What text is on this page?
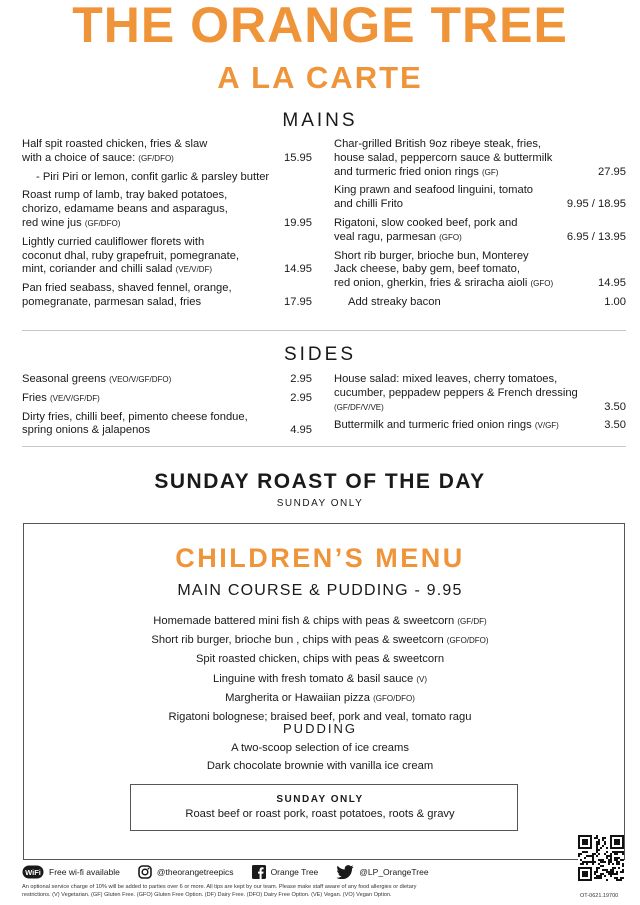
THE ORANGE TREE
A LA CARTE
MAINS
Half spit roasted chicken, fries & slaw
with a choice of sauce: (GF/DFO)	15.95
- Piri Piri or lemon, confit garlic & parsley butter
Roast rump of lamb, tray baked potatoes,
chorizo, edamame beans and asparagus,
red wine jus (GF/DFO)	19.95
Lightly curried cauliflower florets with
coconut dhal, ruby grapefruit, pomegranate,
mint, coriander and chilli salad (VE/V/DF)	14.95
Pan fried seabass, shaved fennel, orange,
pomegranate, parmesan salad, fries	17.95
Char-grilled British 9oz ribeye steak, fries,
house salad, peppercorn sauce & buttermilk
and turmeric fried onion rings (GF)	27.95
King prawn and seafood linguini, tomato
and chilli Frito	9.95 / 18.95
Rigatoni, slow cooked beef, pork and
veal ragu, parmesan (GFO)	6.95 / 13.95
Short rib burger, brioche bun, Monterey
Jack cheese, baby gem, beef tomato,
red onion, gherkin, fries & sriracha aioli (GFO)	14.95
Add streaky bacon	1.00
SIDES
Seasonal greens (VEO/V/GF/DFO)	2.95
Fries (VE/V/GF/DF)	2.95
Dirty fries, chilli beef, pimento cheese fondue,
spring onions & jalapenos	4.95
House salad: mixed leaves, cherry tomatoes,
cucumber, peppadew peppers & French dressing
(GF/DF/V/VE)	3.50
Buttermilk and turmeric fried onion rings (V/GF)	3.50
SUNDAY ROAST OF THE DAY
SUNDAY ONLY
CHILDREN’S MENU
MAIN COURSE & PUDDING - 9.95
Homemade battered mini fish & chips with peas & sweetcorn (GF/DF)
Short rib burger, brioche bun , chips with peas & sweetcorn (GFO/DFO)
Spit roasted chicken, chips with peas & sweetcorn
Linguine with fresh tomato & basil sauce (V)
Margherita or Hawaiian pizza (GFO/DFO)
Rigatoni bolognese; braised beef, pork and veal, tomato ragu
PUDDING
A two-scoop selection of ice creams
Dark chocolate brownie with vanilla ice cream
SUNDAY ONLY
Roast beef or roast pork, roast potatoes, roots & gravy
WiFi Free wi-fi available	@theorangetreepics	Orange Tree	@LP_OrangeTree
An optional service charge of 10% will be added to parties over 6 or more. All tips are kept by our team. Please make staff aware of any food allergies or dietary restrictions. (V) Vegetarian. (GF) Gluten Free. (GFO) Gluten Free Option. (DF) Dairy Free. (DFO) Dairy Free Option. (VE) Vegan. (VO) Vegan Option.	OT-0621.19700
